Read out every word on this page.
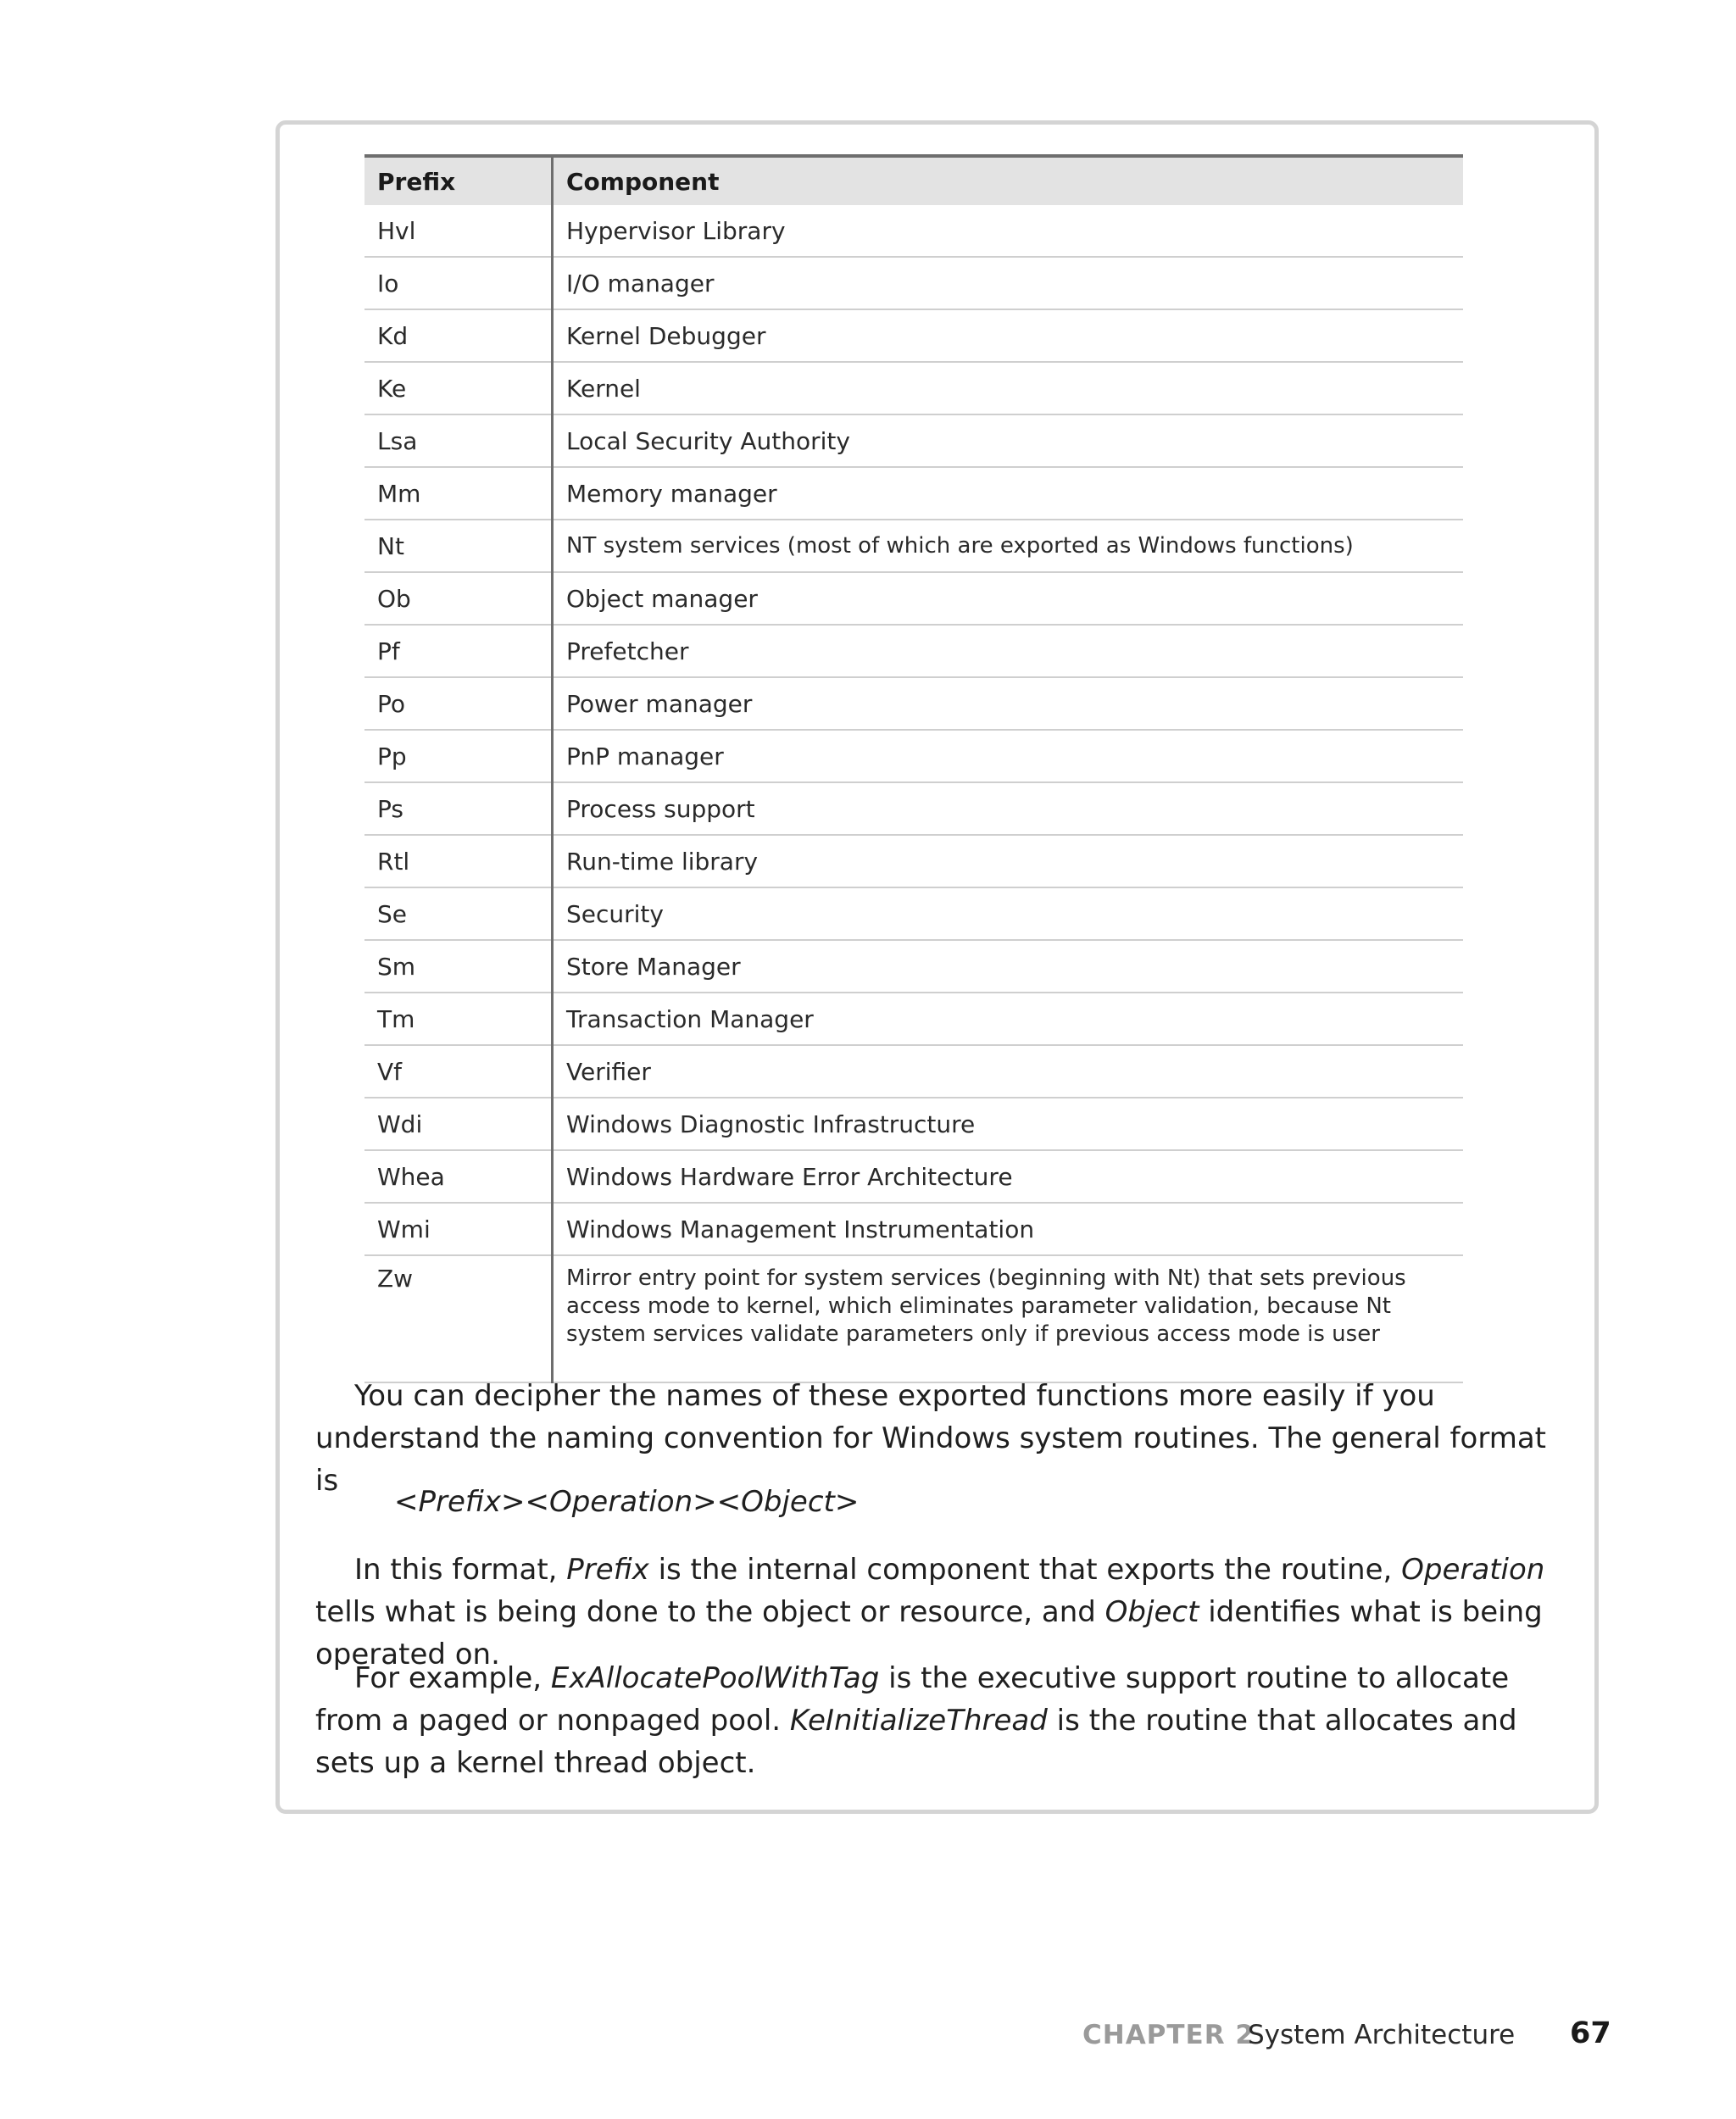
Prefix	Component
Hvl	Hypervisor Library
Io	I/O manager
Kd	Kernel Debugger
Ke	Kernel
Lsa	Local Security Authority
Mm	Memory manager
Nt	NT system services (most of which are exported as Windows functions)
Ob	Object manager
Pf	Prefetcher
Po	Power manager
Pp	PnP manager
Ps	Process support
Rtl	Run-time library
Se	Security
Sm	Store Manager
Tm	Transaction Manager
Vf	Verifier
Wdi	Windows Diagnostic Infrastructure
Whea	Windows Hardware Error Architecture
Wmi	Windows Management Instrumentation
Zw	Mirror entry point for system services (beginning with Nt) that sets previous access mode to kernel, which eliminates parameter validation, because Nt system services validate parameters only if previous access mode is user

You can decipher the names of these exported functions more easily if you understand the naming convention for Windows system routines. The general format is

<Prefix><Operation><Object>

In this format, Prefix is the internal component that exports the routine, Operation tells what is being done to the object or resource, and Object identifies what is being operated on.

For example, ExAllocatePoolWithTag is the executive support routine to allocate from a paged or nonpaged pool. KeInitializeThread is the routine that allocates and sets up a kernel thread object.

CHAPTER 2
System Architecture 67
